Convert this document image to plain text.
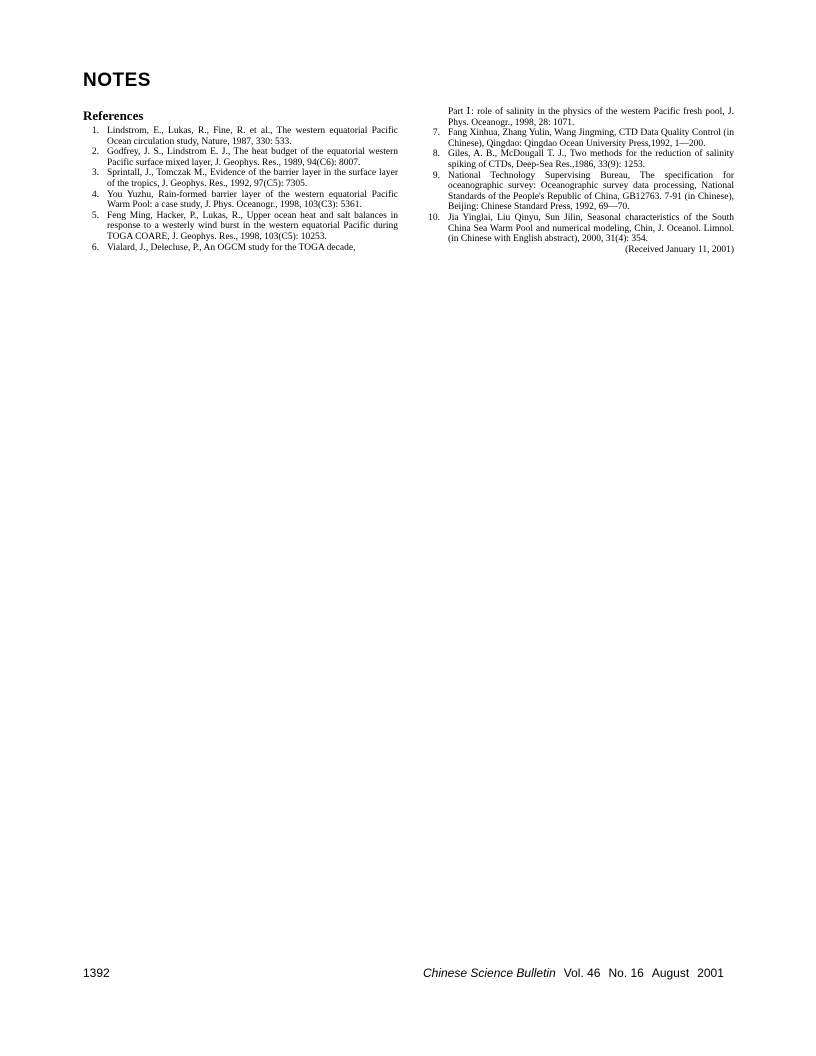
NOTES
References

1. Lindstrom, E., Lukas, R., Fine, R. et al., The western equatorial Pacific Ocean circulation study, Nature, 1987, 330: 533.

2. Godfrey, J. S., Lindstrom E. J., The heat budget of the equatorial western Pacific surface mixed layer, J. Geophys. Res., 1989, 94(C6): 8007.

3. Sprintall, J., Tomczak M., Evidence of the barrier layer in the surface layer of the tropics, J. Geophys. Res., 1992, 97(C5): 7305.

4. You Yuzhu, Rain-formed barrier layer of the western equatorial Pacific Warm Pool: a case study, J. Phys. Oceanogr., 1998, 103(C3): 5361.

5. Feng Ming, Hacker, P., Lukas, R., Upper ocean heat and salt balances in response to a westerly wind burst in the western equatorial Pacific during TOGA COARE, J. Geophys. Res., 1998, 103(C5): 10253.

6. Vialard, J., Delecluse, P., An OGCM study for the TOGA decade,

Part Ⅰ: role of salinity in the physics of the western Pacific fresh pool, J. Phys. Oceanogr., 1998, 28: 1071.

7. Fang Xinhua, Zhang Yulin, Wang Jingming, CTD Data Quality Control (in Chinese), Qingdao: Qingdao Ocean University Press,1992, 1—200.

8. Giles, A. B., McDougall T. J., Two methods for the reduction of salinity spiking of CTDs, Deep-Sea Res.,1986, 33(9): 1253.

9. National Technology Supervising Bureau, The specification for oceanographic survey: Oceanographic survey data processing, National Standards of the People's Republic of China, GB12763. 7-91 (in Chinese), Beijing: Chinese Standard Press, 1992, 69—70.

10. Jia Yinglai, Liu Qinyu, Sun Jilin, Seasonal characteristics of the South China Sea Warm Pool and numerical modeling, Chin, J. Oceanol. Limnol. (in Chinese with English abstract), 2000, 31(4): 354.

(Received January 11, 2001)

1392	Chinese Science Bulletin Vol. 46 No. 16 August 2001
